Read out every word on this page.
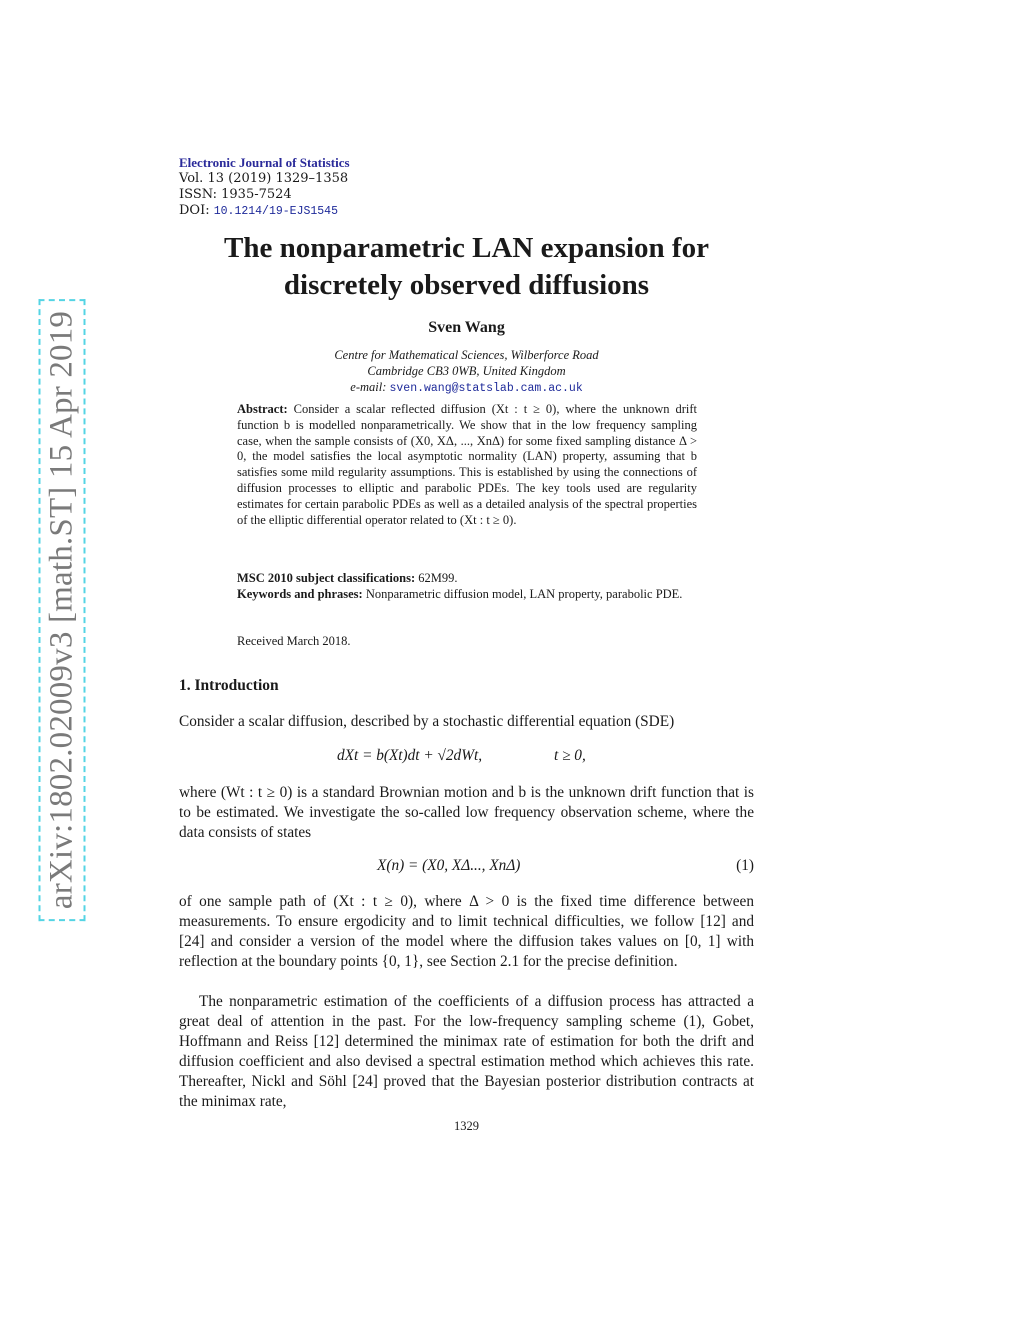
arXiv:1802.02009v3 [math.ST] 15 Apr 2019
Electronic Journal of Statistics
Vol. 13 (2019) 1329–1358
ISSN: 1935-7524
DOI: 10.1214/19-EJS1545
The nonparametric LAN expansion for
discretely observed diffusions
Sven Wang
Centre for Mathematical Sciences, Wilberforce Road
Cambridge CB3 0WB, United Kingdom
e-mail: sven.wang@statslab.cam.ac.uk
Abstract: Consider a scalar reflected diffusion (Xt : t ≥ 0), where the unknown drift function b is modelled nonparametrically. We show that in the low frequency sampling case, when the sample consists of (X0, XΔ, ..., XnΔ) for some fixed sampling distance Δ > 0, the model satisfies the local asymptotic normality (LAN) property, assuming that b satisfies some mild regularity assumptions. This is established by using the connections of diffusion processes to elliptic and parabolic PDEs. The key tools used are regularity estimates for certain parabolic PDEs as well as a detailed analysis of the spectral properties of the elliptic differential operator related to (Xt : t ≥ 0).
MSC 2010 subject classifications: 62M99.
Keywords and phrases: Nonparametric diffusion model, LAN property, parabolic PDE.
Received March 2018.
1. Introduction
Consider a scalar diffusion, described by a stochastic differential equation (SDE)
dXt = b(Xt)dt + √2dWt,	t ≥ 0,
where (Wt : t ≥ 0) is a standard Brownian motion and b is the unknown drift function that is to be estimated. We investigate the so-called low frequency observation scheme, where the data consists of states
X(n) = (X0, XΔ..., XnΔ)	(1)
of one sample path of (Xt : t ≥ 0), where Δ > 0 is the fixed time difference between measurements. To ensure ergodicity and to limit technical difficulties, we follow [12] and [24] and consider a version of the model where the diffusion takes values on [0, 1] with reflection at the boundary points {0, 1}, see Section 2.1 for the precise definition.
The nonparametric estimation of the coefficients of a diffusion process has attracted a great deal of attention in the past. For the low-frequency sampling scheme (1), Gobet, Hoffmann and Reiss [12] determined the minimax rate of estimation for both the drift and diffusion coefficient and also devised a spectral estimation method which achieves this rate. Thereafter, Nickl and Söhl [24] proved that the Bayesian posterior distribution contracts at the minimax rate,
1329
